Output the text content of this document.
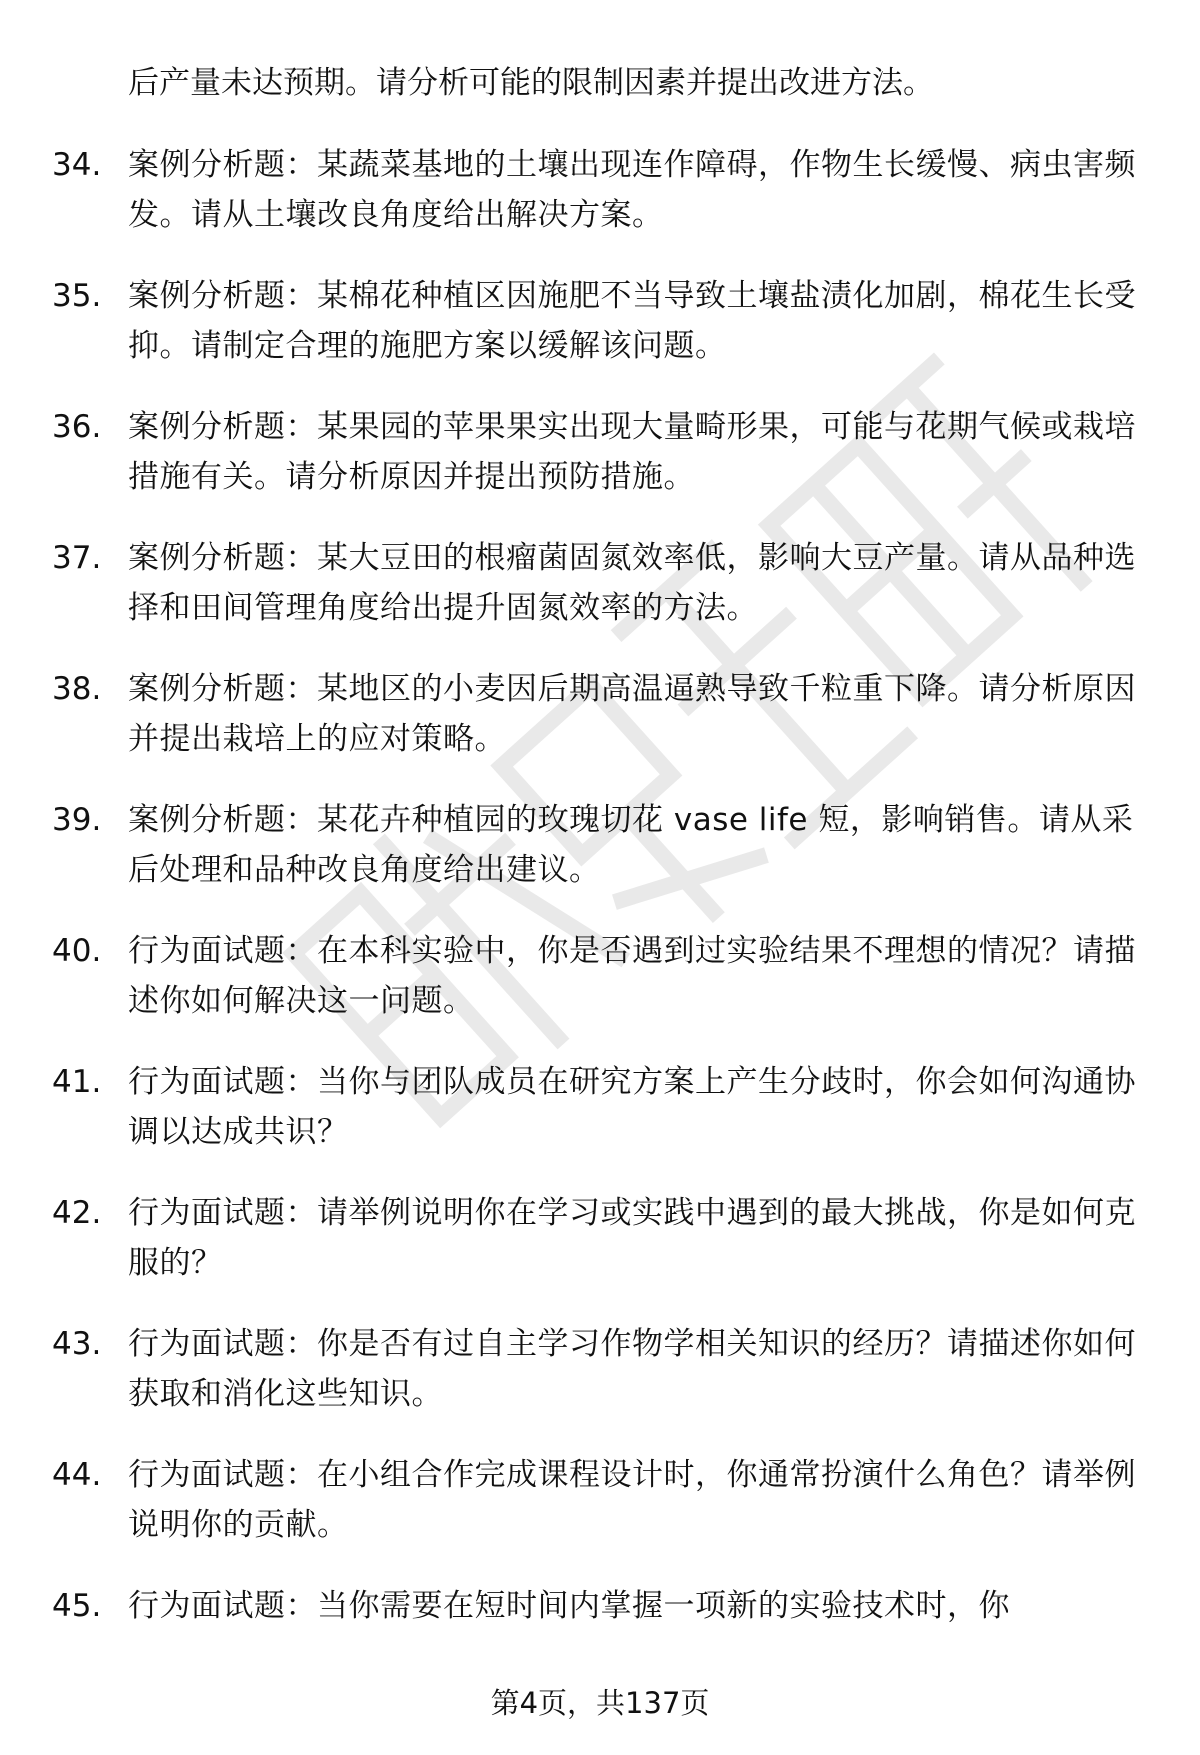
后产量未达预期。请分析可能的限制因素并提出改进方法。
34. 案例分析题：某蔬菜基地的土壤出现连作障碍，作物生长缓慢、病虫害频发。请从土壤改良角度给出解决方案。
35. 案例分析题：某棉花种植区因施肥不当导致土壤盐渍化加剧，棉花生长受抑。请制定合理的施肥方案以缓解该问题。
36. 案例分析题：某果园的苹果果实出现大量畸形果，可能与花期气候或栽培措施有关。请分析原因并提出预防措施。
37. 案例分析题：某大豆田的根瘤菌固氮效率低，影响大豆产量。请从品种选择和田间管理角度给出提升固氮效率的方法。
38. 案例分析题：某地区的小麦因后期高温逼熟导致千粒重下降。请分析原因并提出栽培上的应对策略。
39. 案例分析题：某花卉种植园的玫瑰切花 vase life 短，影响销售。请从采后处理和品种改良角度给出建议。
40. 行为面试题：在本科实验中，你是否遇到过实验结果不理想的情况？请描述你如何解决这一问题。
41. 行为面试题：当你与团队成员在研究方案上产生分歧时，你会如何沟通协调以达成共识？
42. 行为面试题：请举例说明你在学习或实践中遇到的最大挑战，你是如何克服的？
43. 行为面试题：你是否有过自主学习作物学相关知识的经历？请描述你如何获取和消化这些知识。
44. 行为面试题：在小组合作完成课程设计时，你通常扮演什么角色？请举例说明你的贡献。
45. 行为面试题：当你需要在短时间内掌握一项新的实验技术时，你
第4页，共137页
